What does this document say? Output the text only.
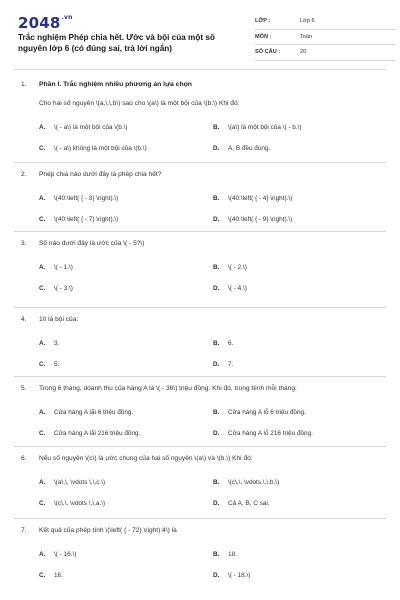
$2048^{.vn}$
Trắc nghiệm Phép chia hết. Ước và bội của một số nguyên lớp 6 (có đúng sai, trả lời ngắn)
LỚP :	Lớp 6
MÔN :	Toán
SỐ CÂU :	20
1. Phần I. Trắc nghiệm nhiều phương án lựa chọn
Cho hai số nguyên \(a,\,\,b\) sao cho \(a\) là một bội của \(b.\) Khi đó:
A. \( - a\) là một bội của \(b.\)	B. \(a\) là một bội của \( - b.\)
C. \( - a\) không là một bội của \(b.\)	D. A, B đều đúng.
2. Phép chia nào dưới đây là phép chia hết?
A. \(40:\left( { - 3} \right).\)	B. \(40:\left( { - 4} \right).\)
C. \(40:\left( { - 7} \right).\)	D. \(40:\left( { - 9} \right).\)
3. Số nào dưới đây là ước của \( - 5?\)
A. \( - 1.\)	B. \( - 2.\)
C. \( - 3.\)	D. \( - 4.\)
4. 10 là bội của:
A. 3.	B. 6.
C. 5.	D. 7.
5. Trong 6 tháng, doanh thu của hàng A là \( - 36\) triệu đồng. Khi đó, trung bình mỗi tháng:
A. Cửa hàng A lãi 6 triệu đồng.	B. Cửa hàng A lỗ 6 triệu đồng.
C. Cửa hàng A lãi 216 triệu đồng.	D. Cửa hàng A lỗ 216 triệu đồng.
6. Nếu số nguyên \(c\) là ước chung của hai số nguyên \(a\) và \(b.\) Khi đó:
A. \(a\,\, \vdots \,\,c.\)	B. \(c\,\, \vdots \,\,b.\)
C. \(c\,\, \vdots \,\,a.\)	D. Cả A, B, C sai.
7. Kết quả của phép tính \(\left( { - 72} \right):4\) là
A. \( - 16.\)	B. 18.
C. 16.	D. \( - 18.\)
